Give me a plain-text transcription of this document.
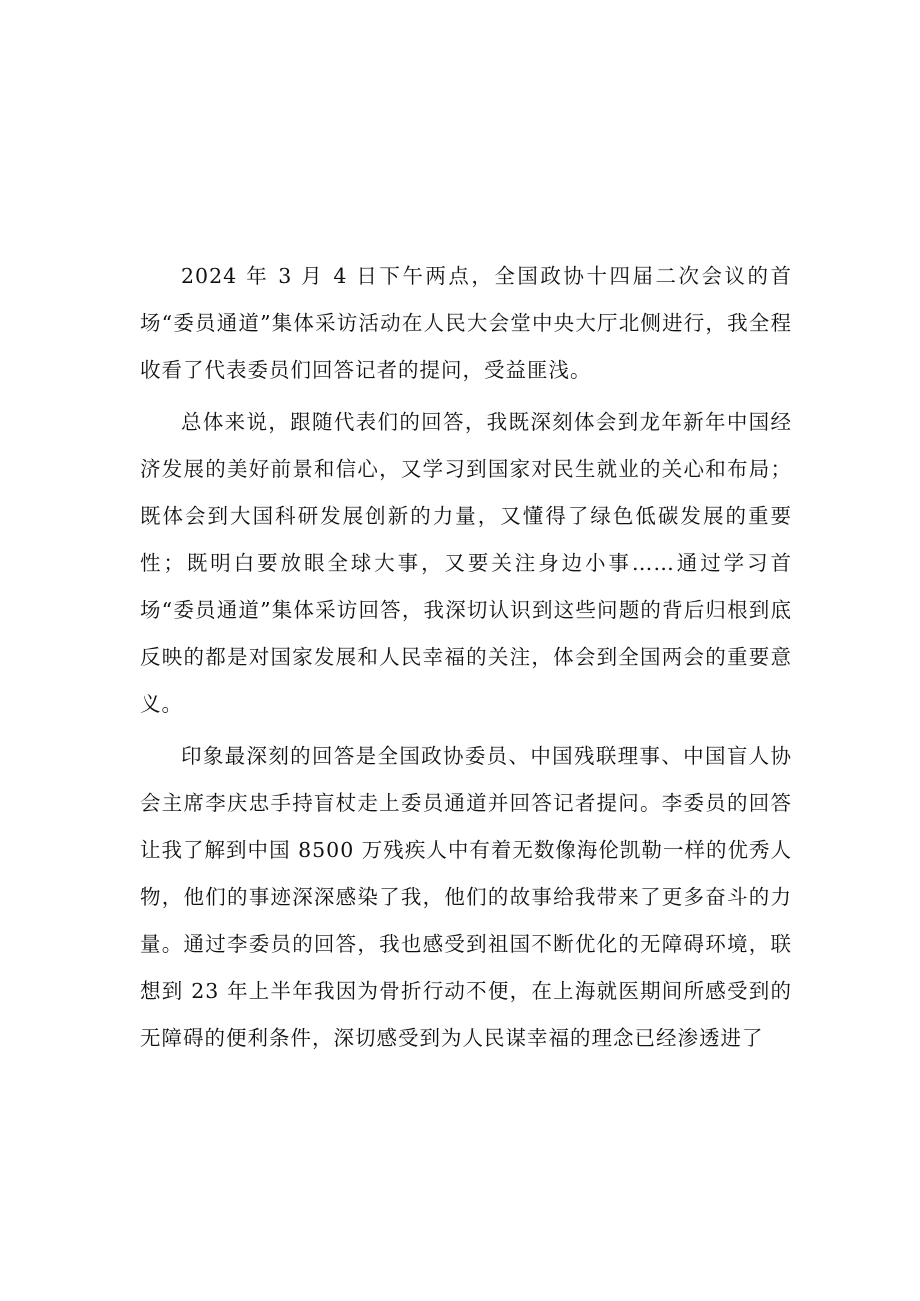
2024 年 3 月 4 日下午两点，全国政协十四届二次会议的首场“委员通道”集体采访活动在人民大会堂中央大厅北侧进行，我全程收看了代表委员们回答记者的提问，受益匪浅。

总体来说，跟随代表们的回答，我既深刻体会到龙年新年中国经济发展的美好前景和信心，又学习到国家对民生就业的关心和布局；既体会到大国科研发展创新的力量，又懂得了绿色低碳发展的重要性；既明白要放眼全球大事，又要关注身边小事……通过学习首场“委员通道”集体采访回答，我深切认识到这些问题的背后归根到底反映的都是对国家发展和人民幸福的关注，体会到全国两会的重要意义。

印象最深刻的回答是全国政协委员、中国残联理事、中国盲人协会主席李庆忠手持盲杖走上委员通道并回答记者提问。李委员的回答让我了解到中国 8500 万残疾人中有着无数像海伦凯勒一样的优秀人物，他们的事迹深深感染了我，他们的故事给我带来了更多奋斗的力量。通过李委员的回答，我也感受到祖国不断优化的无障碍环境，联想到 23 年上半年我因为骨折行动不便，在上海就医期间所感受到的无障碍的便利条件，深切感受到为人民谋幸福的理念已经渗透进了
